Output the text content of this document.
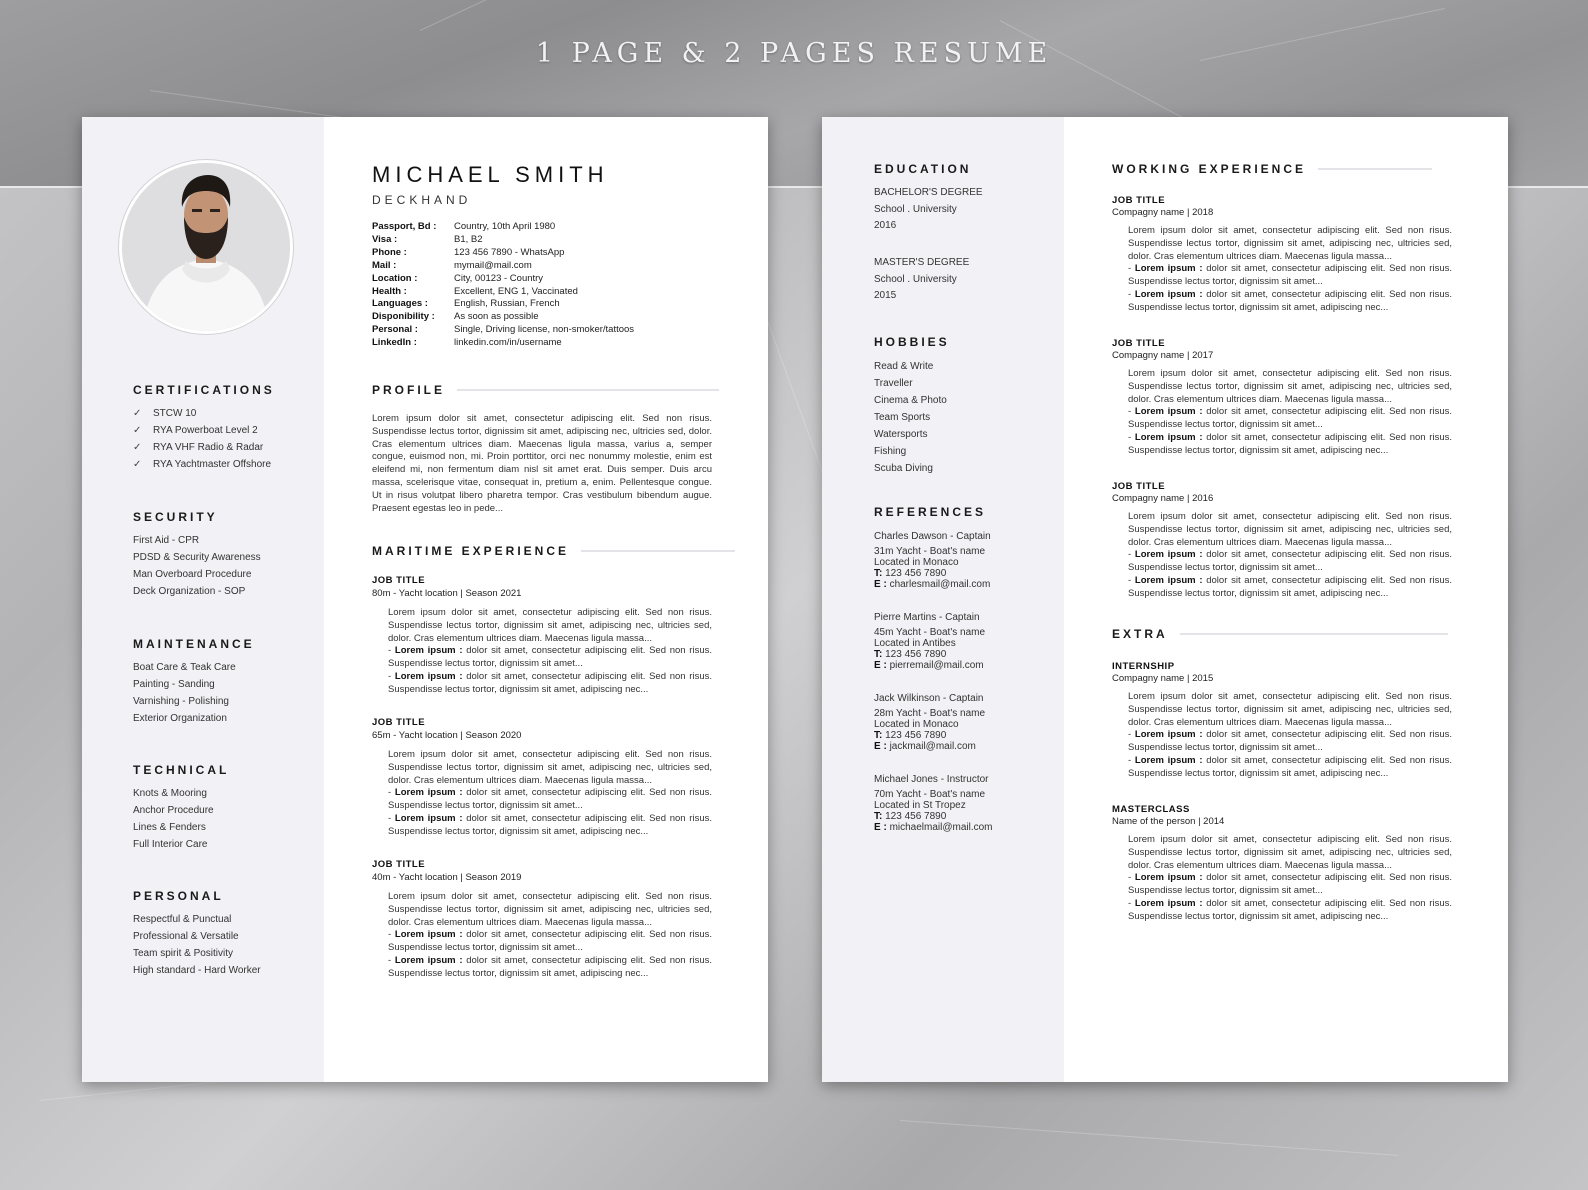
1 PAGE & 2 PAGES RESUME
CERTIFICATIONS
✓ STCW 10
✓ RYA Powerboat Level 2
✓ RYA VHF Radio & Radar
✓ RYA Yachtmaster Offshore
SECURITY
First Aid - CPR
PDSD & Security Awareness
Man Overboard Procedure
Deck Organization - SOP
MAINTENANCE
Boat Care & Teak Care
Painting - Sanding
Varnishing - Polishing
Exterior Organization
TECHNICAL
Knots & Mooring
Anchor Procedure
Lines & Fenders
Full Interior Care
PERSONAL
Respectful & Punctual
Professional & Versatile
Team spirit & Positivity
High standard - Hard Worker
MICHAEL SMITH
DECKHAND
Passport, Bd :	Country, 10th April 1980
Visa :	B1, B2
Phone :	123 456 7890 - WhatsApp
Mail :	mymail@mail.com
Location :	City, 00123 - Country
Health :	Excellent, ENG 1, Vaccinated
Languages :	English, Russian, French
Disponibility :	As soon as possible
Personal :	Single, Driving license, non-smoker/tattoos
LinkedIn :	linkedin.com/in/username
PROFILE
Lorem ipsum dolor sit amet, consectetur adipiscing elit. Sed non risus. Suspendisse lectus tortor, dignissim sit amet, adipiscing nec, ultricies sed, dolor. Cras elementum ultrices diam. Maecenas ligula massa, varius a, semper congue, euismod non, mi. Proin porttitor, orci nec nonummy molestie, enim est eleifend mi, non fermentum diam nisl sit amet erat. Duis semper. Duis arcu massa, scelerisque vitae, consequat in, pretium a, enim. Pellentesque congue. Ut in risus volutpat libero pharetra tempor. Cras vestibulum bibendum augue. Praesent egestas leo in pede...
MARITIME EXPERIENCE
JOB TITLE
80m - Yacht location | Season 2021
Lorem ipsum dolor sit amet, consectetur adipiscing elit. Sed non risus. Suspendisse lectus tortor, dignissim sit amet, adipiscing nec, ultricies sed, dolor. Cras elementum ultrices diam. Maecenas ligula massa...
- Lorem ipsum : dolor sit amet, consectetur adipiscing elit. Sed non risus. Suspendisse lectus tortor, dignissim sit amet...
- Lorem ipsum : dolor sit amet, consectetur adipiscing elit. Sed non risus. Suspendisse lectus tortor, dignissim sit amet, adipiscing nec...
JOB TITLE
65m - Yacht location | Season 2020
Lorem ipsum dolor sit amet, consectetur adipiscing elit. Sed non risus. Suspendisse lectus tortor, dignissim sit amet, adipiscing nec, ultricies sed, dolor. Cras elementum ultrices diam. Maecenas ligula massa...
- Lorem ipsum : dolor sit amet, consectetur adipiscing elit. Sed non risus. Suspendisse lectus tortor, dignissim sit amet...
- Lorem ipsum : dolor sit amet, consectetur adipiscing elit. Sed non risus. Suspendisse lectus tortor, dignissim sit amet, adipiscing nec...
JOB TITLE
40m - Yacht location | Season 2019
Lorem ipsum dolor sit amet, consectetur adipiscing elit. Sed non risus. Suspendisse lectus tortor, dignissim sit amet, adipiscing nec, ultricies sed, dolor. Cras elementum ultrices diam. Maecenas ligula massa...
- Lorem ipsum : dolor sit amet, consectetur adipiscing elit. Sed non risus. Suspendisse lectus tortor, dignissim sit amet...
- Lorem ipsum : dolor sit amet, consectetur adipiscing elit. Sed non risus. Suspendisse lectus tortor, dignissim sit amet, adipiscing nec...
EDUCATION
BACHELOR'S DEGREE
School . University
2016
MASTER'S DEGREE
School . University
2015
HOBBIES
Read & Write
Traveller
Cinema & Photo
Team Sports
Watersports
Fishing
Scuba Diving
REFERENCES
Charles Dawson - Captain
31m Yacht - Boat's name
Located in Monaco
T: 123 456 7890
E : charlesmail@mail.com
Pierre Martins - Captain
45m Yacht - Boat's name
Located in Antibes
T: 123 456 7890
E : pierremail@mail.com
Jack Wilkinson - Captain
28m Yacht - Boat's name
Located in Monaco
T: 123 456 7890
E : jackmail@mail.com
Michael Jones - Instructor
70m Yacht - Boat's name
Located in St Tropez
T: 123 456 7890
E : michaelmail@mail.com
WORKING EXPERIENCE
JOB TITLE
Compagny name | 2018
Lorem ipsum dolor sit amet, consectetur adipiscing elit. Sed non risus. Suspendisse lectus tortor, dignissim sit amet, adipiscing nec, ultricies sed, dolor. Cras elementum ultrices diam. Maecenas ligula massa...
- Lorem ipsum : dolor sit amet, consectetur adipiscing elit. Sed non risus. Suspendisse lectus tortor, dignissim sit amet...
- Lorem ipsum : dolor sit amet, consectetur adipiscing elit. Sed non risus. Suspendisse lectus tortor, dignissim sit amet, adipiscing nec...
JOB TITLE
Compagny name | 2017
Lorem ipsum dolor sit amet, consectetur adipiscing elit. Sed non risus. Suspendisse lectus tortor, dignissim sit amet, adipiscing nec, ultricies sed, dolor. Cras elementum ultrices diam. Maecenas ligula massa...
- Lorem ipsum : dolor sit amet, consectetur adipiscing elit. Sed non risus. Suspendisse lectus tortor, dignissim sit amet...
- Lorem ipsum : dolor sit amet, consectetur adipiscing elit. Sed non risus. Suspendisse lectus tortor, dignissim sit amet, adipiscing nec...
JOB TITLE
Compagny name | 2016
Lorem ipsum dolor sit amet, consectetur adipiscing elit. Sed non risus. Suspendisse lectus tortor, dignissim sit amet, adipiscing nec, ultricies sed, dolor. Cras elementum ultrices diam. Maecenas ligula massa...
- Lorem ipsum : dolor sit amet, consectetur adipiscing elit. Sed non risus. Suspendisse lectus tortor, dignissim sit amet...
- Lorem ipsum : dolor sit amet, consectetur adipiscing elit. Sed non risus. Suspendisse lectus tortor, dignissim sit amet, adipiscing nec...
EXTRA
INTERNSHIP
Compagny name | 2015
Lorem ipsum dolor sit amet, consectetur adipiscing elit. Sed non risus. Suspendisse lectus tortor, dignissim sit amet, adipiscing nec, ultricies sed, dolor. Cras elementum ultrices diam. Maecenas ligula massa...
- Lorem ipsum : dolor sit amet, consectetur adipiscing elit. Sed non risus. Suspendisse lectus tortor, dignissim sit amet...
- Lorem ipsum : dolor sit amet, consectetur adipiscing elit. Sed non risus. Suspendisse lectus tortor, dignissim sit amet, adipiscing nec...
MASTERCLASS
Name of the person | 2014
Lorem ipsum dolor sit amet, consectetur adipiscing elit. Sed non risus. Suspendisse lectus tortor, dignissim sit amet, adipiscing nec, ultricies sed, dolor. Cras elementum ultrices diam. Maecenas ligula massa...
- Lorem ipsum : dolor sit amet, consectetur adipiscing elit. Sed non risus. Suspendisse lectus tortor, dignissim sit amet...
- Lorem ipsum : dolor sit amet, consectetur adipiscing elit. Sed non risus. Suspendisse lectus tortor, dignissim sit amet, adipiscing nec...
